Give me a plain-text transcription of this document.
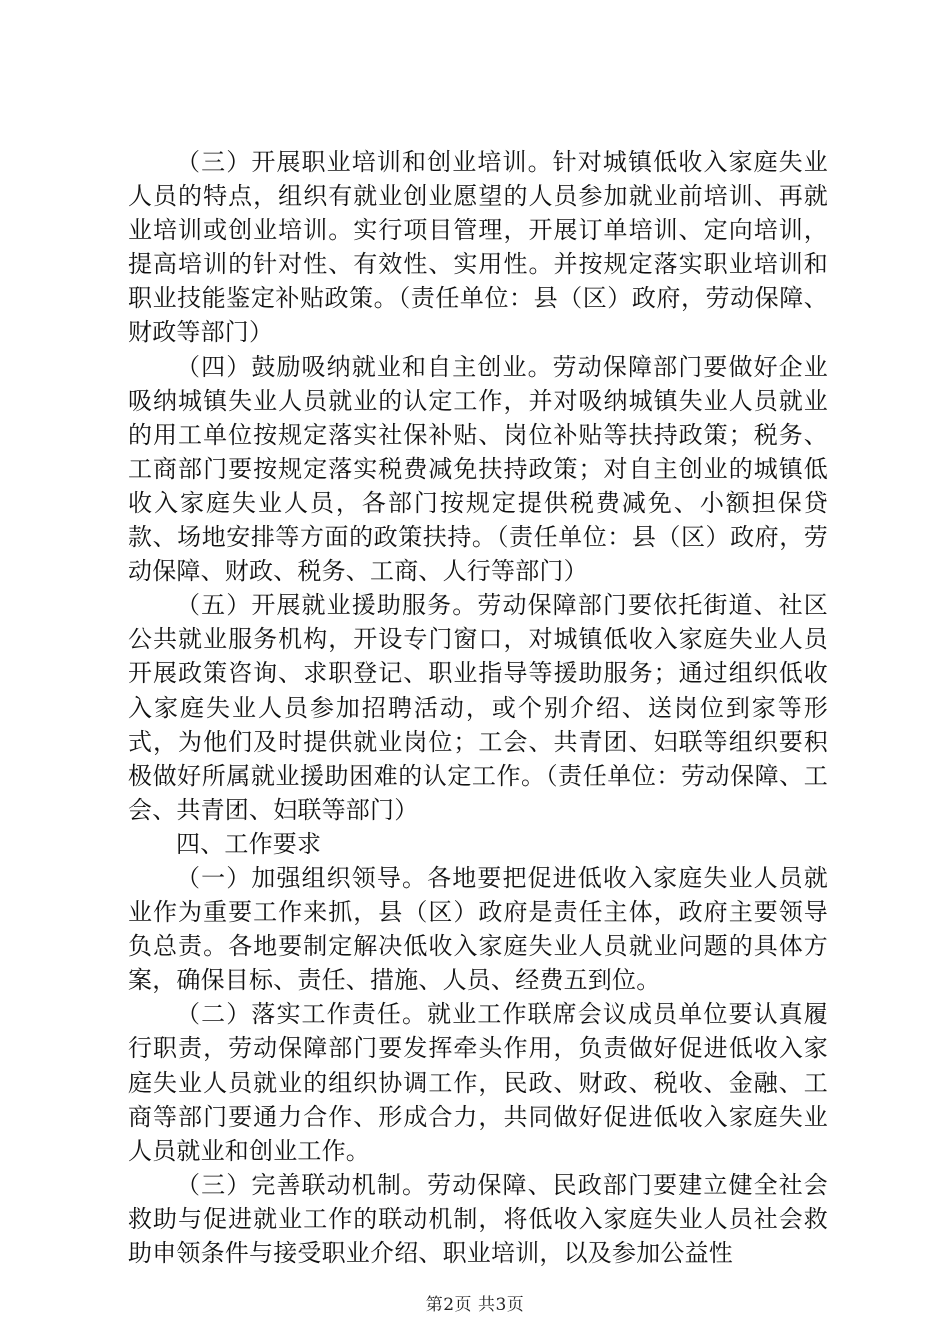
（三）开展职业培训和创业培训。针对城镇低收入家庭失业人员的特点，组织有就业创业愿望的人员参加就业前培训、再就业培训或创业培训。实行项目管理，开展订单培训、定向培训，提高培训的针对性、有效性、实用性。并按规定落实职业培训和职业技能鉴定补贴政策。（责任单位：县（区）政府，劳动保障、财政等部门）

（四）鼓励吸纳就业和自主创业。劳动保障部门要做好企业吸纳城镇失业人员就业的认定工作，并对吸纳城镇失业人员就业的用工单位按规定落实社保补贴、岗位补贴等扶持政策；税务、工商部门要按规定落实税费减免扶持政策；对自主创业的城镇低收入家庭失业人员，各部门按规定提供税费减免、小额担保贷款、场地安排等方面的政策扶持。（责任单位：县（区）政府，劳动保障、财政、税务、工商、人行等部门）

（五）开展就业援助服务。劳动保障部门要依托街道、社区公共就业服务机构，开设专门窗口，对城镇低收入家庭失业人员开展政策咨询、求职登记、职业指导等援助服务；通过组织低收入家庭失业人员参加招聘活动，或个别介绍、送岗位到家等形式，为他们及时提供就业岗位；工会、共青团、妇联等组织要积极做好所属就业援助困难的认定工作。（责任单位：劳动保障、工会、共青团、妇联等部门）

四、工作要求

（一）加强组织领导。各地要把促进低收入家庭失业人员就业作为重要工作来抓，县（区）政府是责任主体，政府主要领导负总责。各地要制定解决低收入家庭失业人员就业问题的具体方案，确保目标、责任、措施、人员、经费五到位。

（二）落实工作责任。就业工作联席会议成员单位要认真履行职责，劳动保障部门要发挥牵头作用，负责做好促进低收入家庭失业人员就业的组织协调工作，民政、财政、税收、金融、工商等部门要通力合作、形成合力，共同做好促进低收入家庭失业人员就业和创业工作。

（三）完善联动机制。劳动保障、民政部门要建立健全社会救助与促进就业工作的联动机制，将低收入家庭失业人员社会救助申领条件与接受职业介绍、职业培训，以及参加公益性

第2页 共3页
